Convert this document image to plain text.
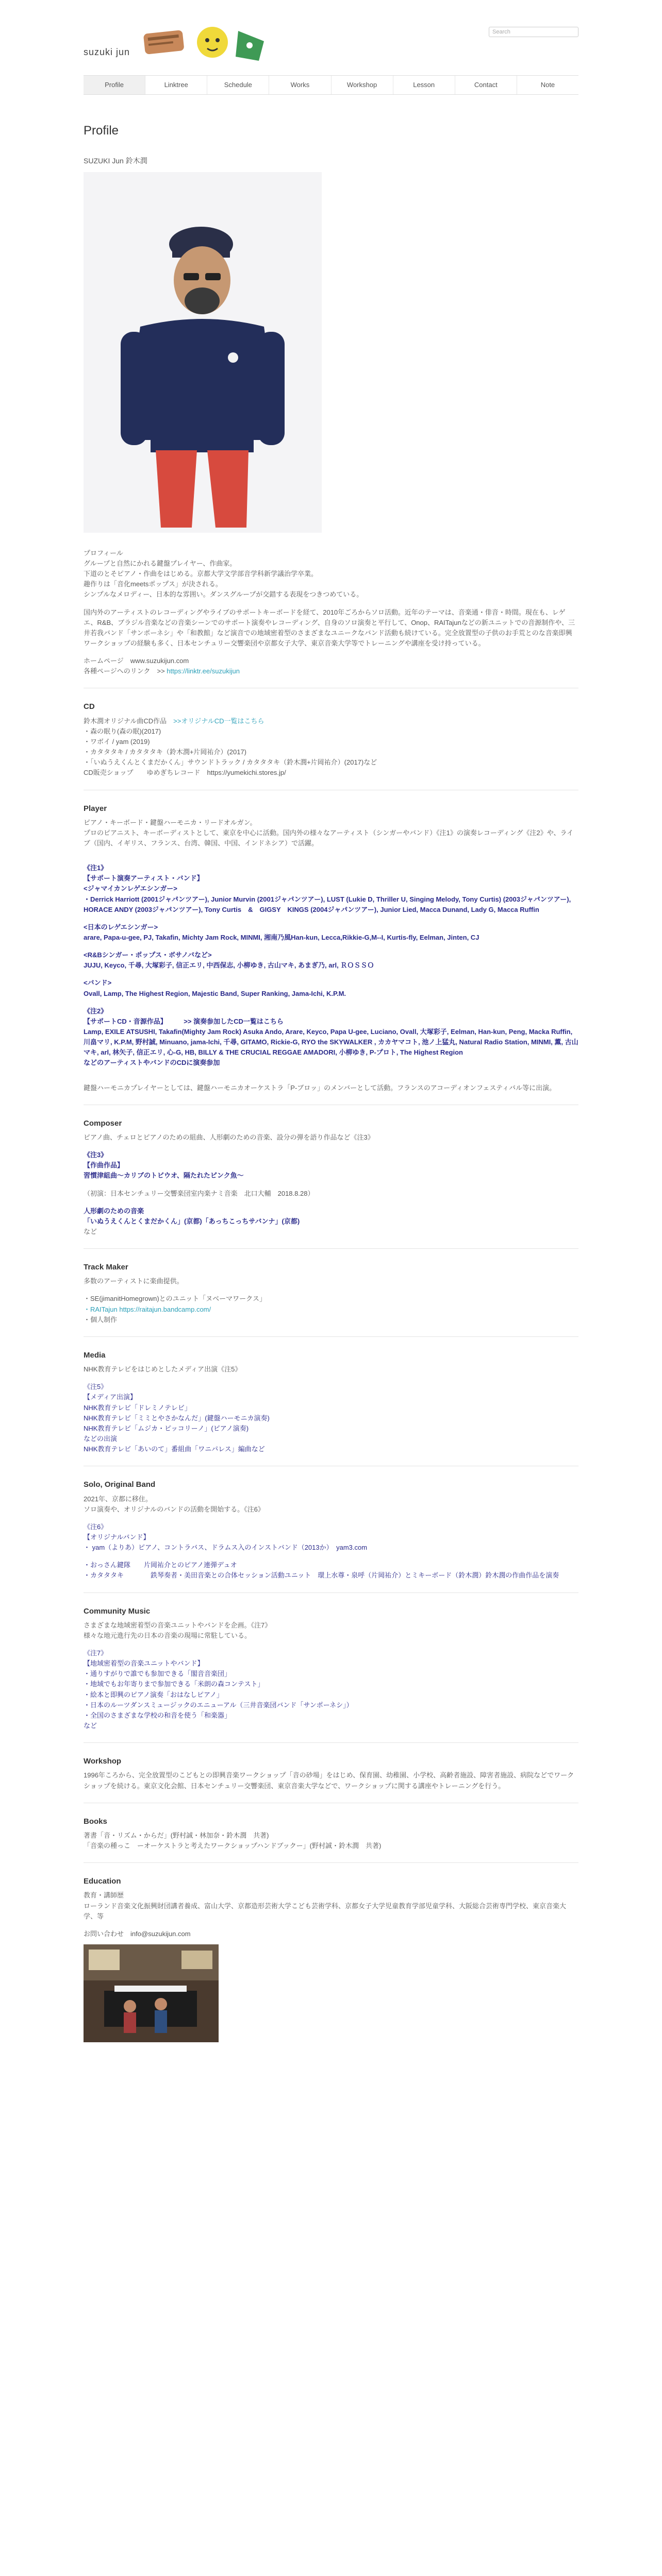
suzuki jun
Search
Profile	Linktree	Schedule	Works	Workshop	Lesson	Contact	Note
Profile

SUZUKI Jun 鈴木潤

プロフィール

グループと自然にかれる鍵盤プレイヤー、作曲家。

下道のとそピアノ・作曲をはじめる。京都大学文学部音学科新学議治学卒業。

趣作りは「音化meetsポップス」が決される。

シンプルなメロディー、日本的な雰囲い。ダンスグループが交錯する表現をつきつめている。

国内外のアーティストのレコーディングやライブのサポートキーボードを経て、2010年ごろからソロ活動。近年のテーマは、音楽通・俳音・時間。現在も、レゲエ、R&B、ブラジル音楽などの音楽シーンでのサポート演奏やレコーディング、自身のソロ演奏と平行して、Onop、RAITajunなどの新ユニットでの音源制作や、三井若我バンド「サンポーネシ」や「和教館」など演音での地域密着型のさまざまなユニークなバンド活動も続けている。完全放置型の子供のお手荒とのな音楽即興ワークショップの経験も多く、日本センチュリー交響楽団や京都女子大学、東京音楽大学等でトレーニングや講座を受け持っている。

ホームページ　www.suzukijun.com

各種ページへのリンク　>> https://linktr.ee/suzukijun

CD

鈴木潤オリジナル曲CD作品　 >>オリジナルCD一覧はこちら

・森の眠り(森の眠)(2017)

・ワボイ / yam (2019)

・カタタタキ / カタタタキ（鈴木潤+片岡祐介）(2017)

・「いぬうえくんとくまだかくん」サウンドトラック / カタタタキ（鈴木潤+片岡祐介）(2017)など

CD販売ショップ　　ゆめぎちレコード　https://yumekichi.stores.jp/

Player

ピアノ・キーボード・鍵盤ハーモニカ・リードオルガン。

プロのピアニスト、キーボーディストとして、東京を中心に活動。国内外の様々なアーティスト（シンガーやバンド）《注1》の演奏レコーディング《注2》や、ライブ（国内、イギリス、フランス、台湾、韓国、中国、インドネシア）で活躍。

《注1》

【サポート演奏アーティスト・バンド】

<ジャマイカンレゲエシンガー>

・Derrick Harriott (2001ジャパンツアー), Junior Murvin (2001ジャパンツアー), LUST (Lukie D, Thriller U, Singing Melody, Tony Curtis) (2003ジャパンツアー), HORACE ANDY (2003ジャパンツアー), Tony Curtis　&　GIGSY　KINGS (2004ジャパンツアー), Junior Lied, Macca Dunand, Lady G, Macca Ruffin

<日本のレゲエシンガー>

arare, Papa-u-gee, PJ, Takafin, Michty Jam Rock, MINMI, 湘南乃風Han-kun, Lecca,Rikkie-G,M--I, Kurtis-fly, Eelman, Jinten, CJ

<R&Bシンガー・ポップス・ボサノバなど>

JUJU, Keyco, 千尋, 大塚彩子, 信正エリ, 中西保志, 小柳ゆき, 古山マキ, あまぎ乃, arl, ＲＯＳＳＯ

<バンド>

Ovall, Lamp, The Highest Region, Majestic Band, Super Ranking, Jama-Ichi, K.P.M.

《注2》

【サポートCD・音源作品】　　　>> 演奏参加したCD一覧はこちら

Lamp, EXILE ATSUSHI, Takafin(Mighty Jam Rock) Asuka Ando, Arare, Keyco, Papa U-gee, Luciano, Ovall, 大塚彩子, Eelman, Han-kun, Peng, Macka Ruffin, 川畠マリ, K.P.M, 野村誠, Minuano, jama-Ichi, 千尋, GITAMO, Rickie-G, RYO the SKYWALKER , カカヤマコト, 池ノ上猛丸, Natural Radio Station, MINMI, 薫, 古山マキ, arl, 林矢子, 信正エリ, 心-G, HB, BILLY & THE CRUCIAL REGGAE AMADORI, 小柳ゆき, P-プロト, The Highest Region

などのアーティストやバンドのCDに演奏参加

鍵盤ハーモニカプレイヤーとしては、鍵盤ハーモニカオーケストラ「P-ブロッ」のメンバーとして活動。フランスのアコーディオンフェスティバル等に出演。

Composer

ピアノ曲、チェロとピアノのための組曲、人形劇のための音楽、設分の弾を語り作品など《注3》

《注3》

【作曲作品】

習慣津組曲〜カリブのトビウオ、隔たれたピンク魚〜

（初演：日本センチュリー交響楽団室内楽ナミ音楽　北口大輔　2018.8.28）

人形劇のための音楽

「いぬうえくんとくまだかくん」(京都)「あっちこっちサバンナ」(京都)

など

Track Maker

多数のアーティストに楽曲提供。

・SE(jimanitHomegrown)とのユニット「ヌベーマワークス」

・RAITajun https://raitajun.bandcamp.com/

・個人制作

Media

NHK教育テレビをはじめとしたメディア出演《注5》

《注5》

【メディア出演】

NHK教育テレビ「ドレミノテレビ」

NHK教育テレビ「ミミとやさかなんだ」(鍵盤ハーモニカ演奏)

NHK教育テレビ「ムジカ・ピッコリーノ」(ピアノ演奏)

などの出演

NHK教育テレビ「あいのて」番組曲「ワニパレス」編曲など

Solo, Original Band

2021年、京都に移住。

ソロ演奏や、オリジナルのバンドの活動を開始する。《注6》

《注6》

【オリジナルバンド】

・ yam（よりあ）ピアノ、コントラバス、ドラムス入のインストバンド（2013か）　yam3.com

・おっさん鍵隊　　片岡祐介とのピアノ連弾デュオ

・カタタタキ　　　　鉄琴奏者・美田音楽との合体セッション活動ユニット　環上水尊・泉呼（片岡祐介）とミキーボード（鈴木潤）鈴木潤の作曲作品を演奏

Community Music

さまざまな地域密着型の音楽ユニットやバンドを企画。《注7》

様々な地元進行先の日本の音楽の現場に常駐している。

《注7》

【地域密着型の音楽ユニットやバンド】

・通りすがりで誰でも参加できる「閣音音楽団」

・地域でもお年寄りまで参加できる「米朗の森コンテスト」

・絵本と即興のピアノ演奏「おはなしピアノ」

・日本のルーツダンスミュージックのエニューアル（三井音楽団バンド「サンポーネシ」）

・全国のさまざまな学校の和音を使う「和楽器」

など

Workshop

1996年ころから、完全放置型のこどもとの即興音楽ワークショップ「音の砂場」をはじめ、保育園、幼稚園、小学校、高齢者施設、障害者施設、病院などでワークショップを続ける。東京文化会館、日本センチュリー交響楽団、東京音楽大学などで、ワークショップに関する講座やトレーニングを行う。

Books

著書「音・リズム・からだ」(野村誠・林加奈・鈴木潤　共著)

「音楽の種っこ　ーオーケストラと考えたワークショップハンドブックー」(野村誠・鈴木潤　共著)

Education

教育・講師歴

ローランド音楽文化振興財団講者養成、富山大学、京都造形芸術大学こども芸術学科、京都女子大学児童教育学部児童学科、大阪総合芸術専門学校、東京音楽大学、等

お問い合わせ　info@suzukijun.com
